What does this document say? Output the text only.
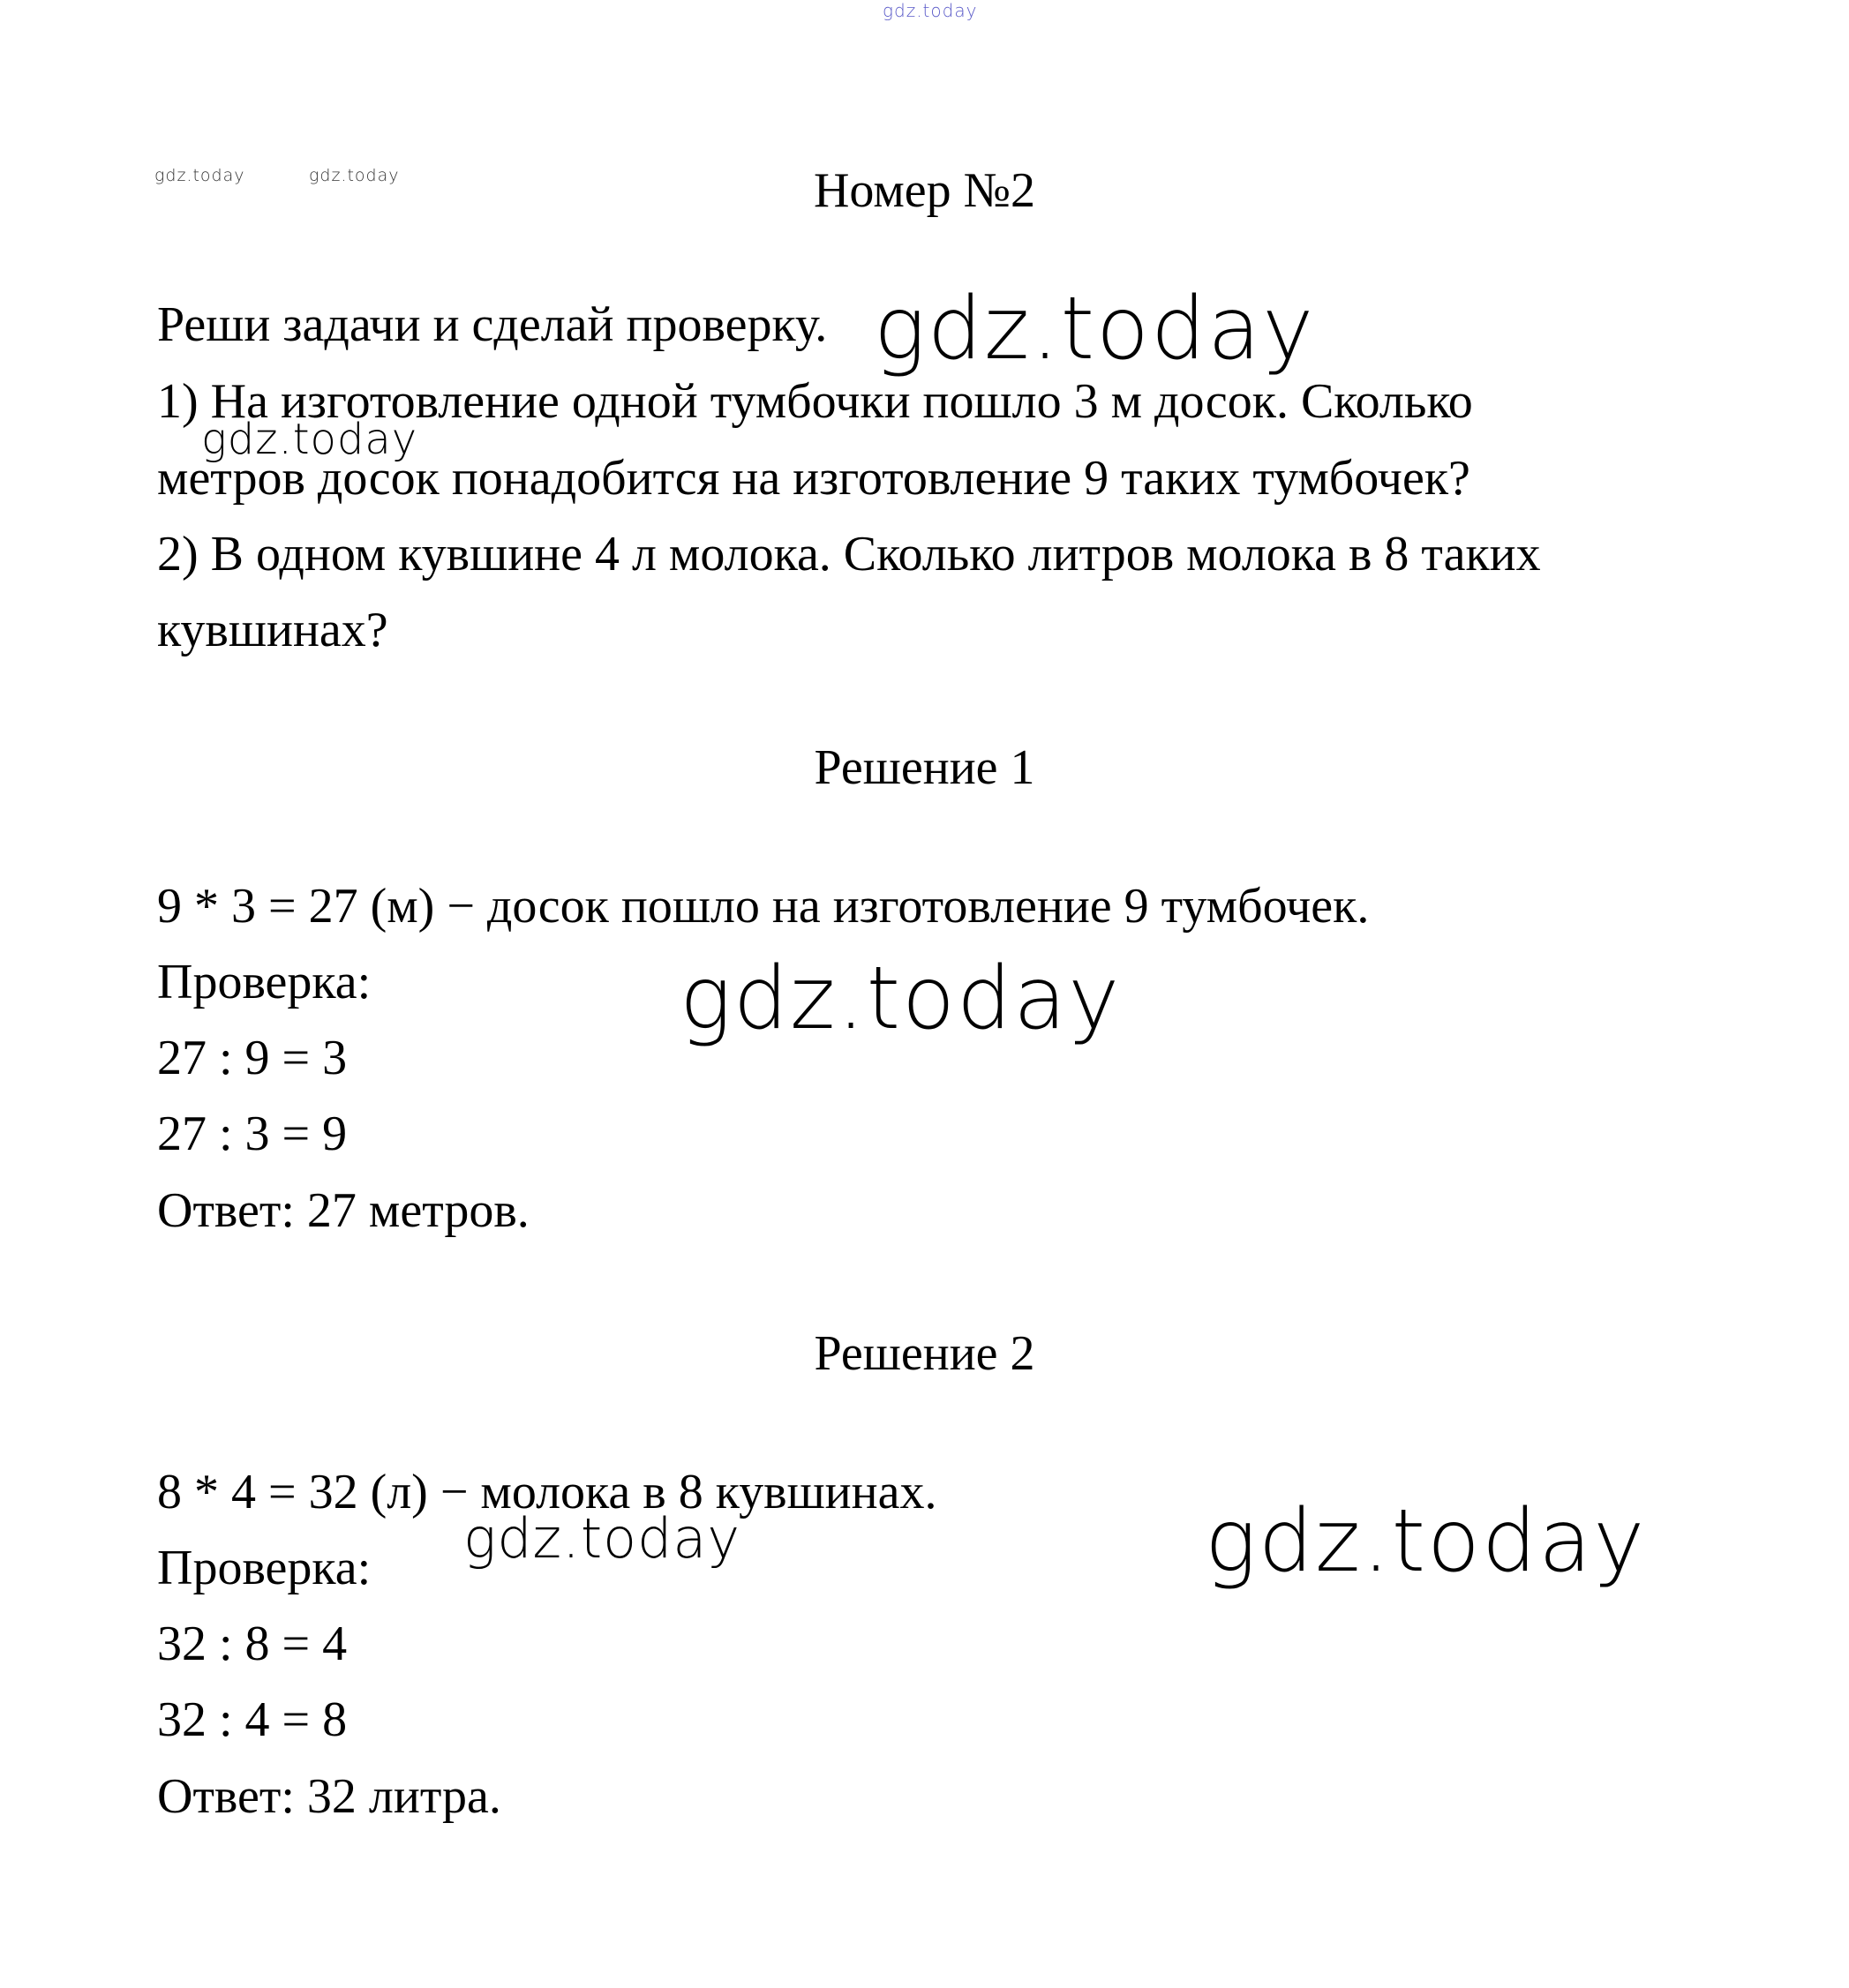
gdz.today
gdz.today	gdz.today	Номер №2
Реши задачи и сделай проверку. gdz.today
1) На изготовление одной тумбочки пошло 3 м досок. Сколько
gdz.today
метров досок понадобится на изготовление 9 таких тумбочек?
2) В одном кувшине 4 л молока. Сколько литров молока в 8 таких
кувшинах?
Решение 1
9 * 3 = 27 (м) − досок пошло на изготовление 9 тумбочек.
Проверка:	gdz.today
27 : 9 = 3
27 : 3 = 9
Ответ: 27 метров.
Решение 2
8 * 4 = 32 (л) − молока в 8 кувшинах.
gdz.today	gdz.today
Проверка:
32 : 8 = 4
32 : 4 = 8
Ответ: 32 литра.
